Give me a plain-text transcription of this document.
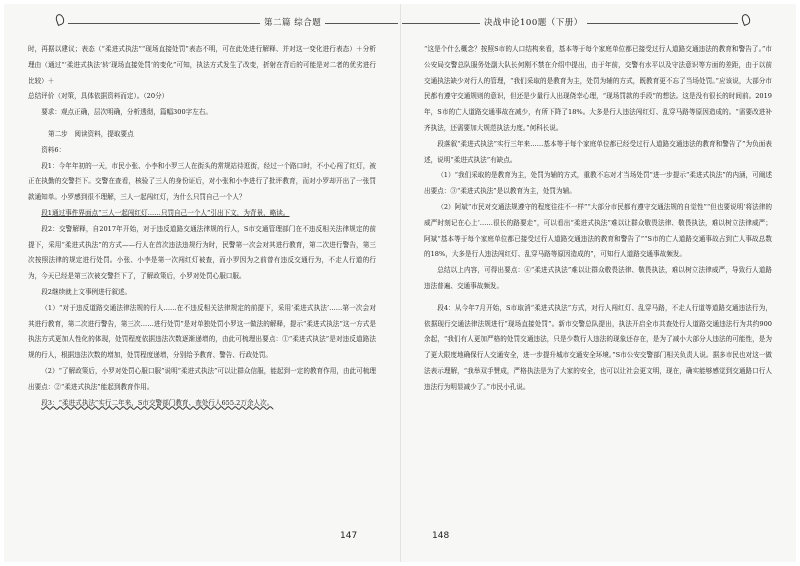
第二篇 综合题	决战申论100题（下册）

时，再据以建议；表态（“柔进式执法”“现场直接处罚”表态不明，可在此处进行解释、并对这一变化进行表态）＋分析理由（通过“‘柔进式执法’转‘现场直接处罚’的变化”可知，执法方式发生了改变，折射在背后的可能是对二者的优劣进行比较）＋

总结评价（对策，具体依据资料而定）。（20分）

要求：观点正确，层次明确，分析透彻，篇幅300字左右。

第二步　阅读资料，提取要点

资料6：

段1：今年年初的一天，市民小张、小李和小罗三人在街头的常规站待逛街，经过一个路口时，不小心闯了红灯，被正在执勤的交警拦下。交警在查看，核验了三人的身份证后，对小张和小李进行了批评教育，而对小罗却开出了一张罚款通知单。小罗感到很不理解，三人一起闯红灯，为什么只罚自己一个人？

段1通过事件界面点“三人一起闯红灯……只罚自己一个人”引出下文，为背景，略读。

段2：交警解释，自2017年开始，对于违反道路交通法律规的行人，S市交通管理部门在不违反相关法律规定的前提下，采用“柔进式执法”的方式——行人在首次违法违规行为时，民警第一次会对其进行教育，第二次进行警告，第三次按照法律的规定进行处罚。小张、小李是第一次闯红灯被查，而小罗因为之前曾有违反交通行为，不走人行道的行为，今天已经是第三次被交警拦下了，了解政策后，小罗对处罚心服口服。

段2继续就上文事例进行叙述。

（1）“对于违反道路交通法律法规的行人……在不违反相关法律规定的前提下，采用‘柔进式执法’……第一次会对其进行教育，第二次进行警告，第三次……进行处罚”是对单独处罚小罗这一做法的解释，提示“柔进式执法”这一方式是执法方式更加人性化的体现，处罚程度依据违法次数逐渐递增的，由此可梳理出要点：①“柔进式执法”是对违反道路法规的行人，根据违法次数的增加，处罚程度递增，分别给予教育、警告、行政处罚。

（2）“了解政策后，小罗对处罚心服口服”说明“柔进式执法”可以让群众信服，能起到一定的教育作用，由此可梳理出要点：②“柔进式执法”能起到教育作用。

段3：“柔进式执法”实行二年来，S市交警部门教育、查处行人655.2万余人次。

147

“这是个什么概念？按照S市的人口结构来看，基本等于每个家庭单位都已接受过行人道路交通违法的教育和警告了。”市公安局交警总队服务处副大队长何刚不禁在介绍中提出，由于年前，交警有水平以及守法意识等方面的差距，由于以前交通执法缺少对行人的管理，“我们采取的是教育为主，处罚为辅的方式，既教育更不忘了当场处罚。”应该说，大部分市民都有遵守交通规则的意识，但还是少量行人出现侥幸心理，“现场罚款的手段”的想法。这是没有很长的时间前。2019年，S市的亡人道路交通事故在减少，有所下降了18%。大多是行人违法闯红灯、乱穿马路等原因造成的。“需要改进补齐执法，还需要加大规范执法力度。”何科长说。

段落叙“柔进式执法”实行三年来……基本等于每个家庭单位都已经受过行人道路交通违法的教育和警告了”为负面表述，说明“柔进式执法”有缺点。

（1）“我们采取的是教育为主，处罚为辅的方式，重教不忘对才当场处罚”进一步提示“柔进式执法”的内涵，可阐述出要点：③“柔进式执法”是以教育为主，处罚为辅。

（2）阿斌“市民对交通法规遵守的程度往往不一样”“大部分市民都有遵守交通法规的自觉性”“但也要说明‘将法律的威严时刻记在心上’……很长的路要走”，可以看出“柔进式执法”难以让群众敬畏法律、敬畏执法，难以树立法律威严；阿斌“基本等于每个家庭单位都已接受过行人道路交通违法的教育和警告了”“S市的亡人道路交通事故占到亡人事故总数的18%，大多是行人违法闯红灯、乱穿马路等原因造成的”，可知行人道路交通事故频发。

总结以上内容，可得出要点：④“柔进式执法”难以让群众敬畏法律、敬畏执法，难以树立法律威严，导致行人道路违法普遍、交通事故频发。

段4：从今年7月开始，S市取消“柔进式执法”方式，对行人闯红灯、乱穿马路，不走人行道等道路交通违法行为，依据现行交通法律法规进行“现场直接处罚”。新市交警总队提出，执法开启全市共查处行人道路交通违法行为共约900余起，“我们有人更加严格的处罚交通违法，只是少数行人违法的现象还存在，是为了减小大部分人违法的可能性，是为了更大限度地确保行人交通安全，进一步提升城市交通安全环境。”S市公安交警部门相关负责人说。据多市民也对这一做法表示理解，“我举双手赞成，严格执法是为了大家的安全，也可以让社会更文明，现在，确实能够感觉到交通路口行人违法行为明显减少了。”市民小孔说。

148
